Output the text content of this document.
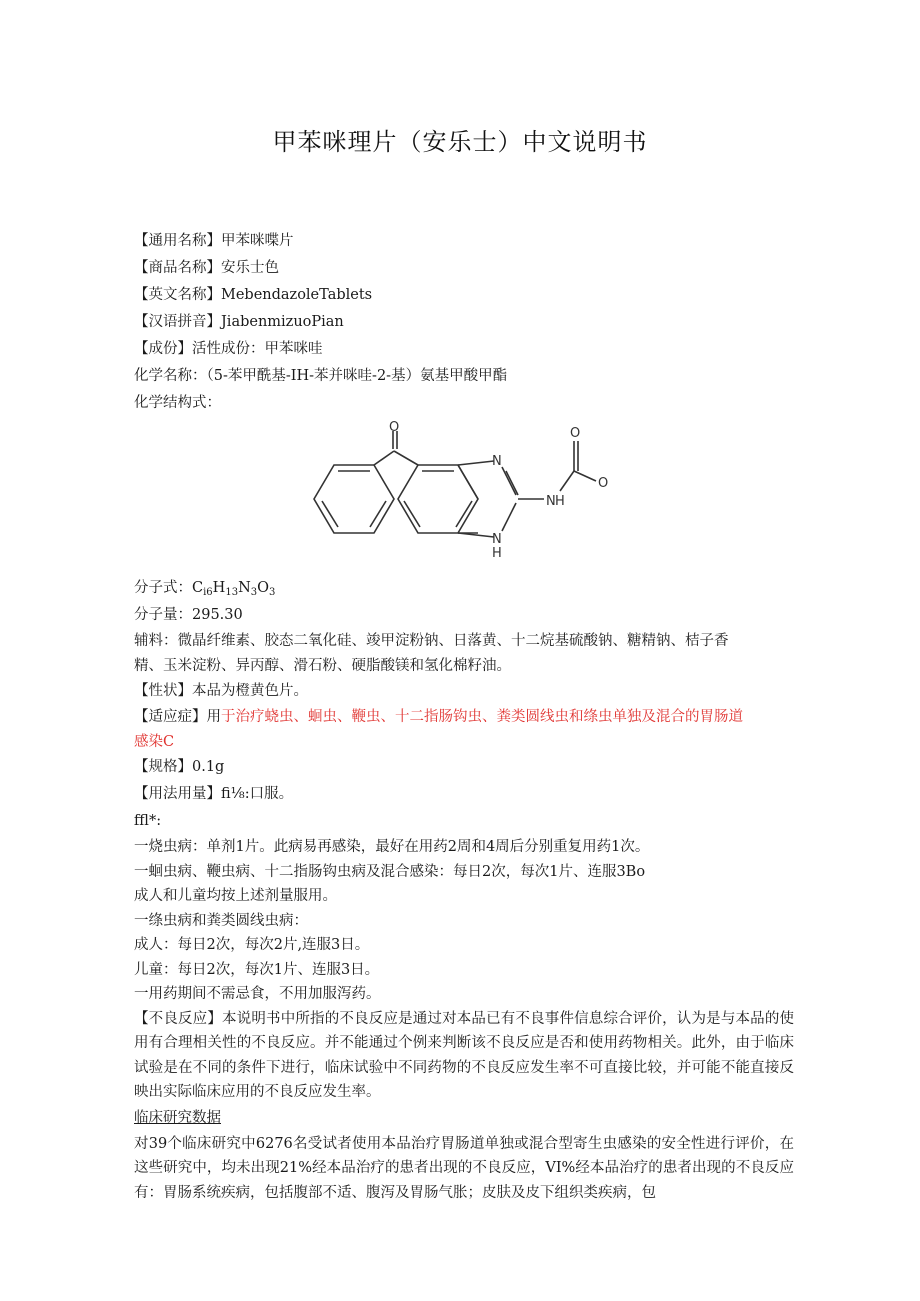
甲苯咪理片（安乐士）中文说明书

【通用名称】甲苯咪喋片

【商品名称】安乐士色

【英文名称】MebendazoleTablets

【汉语拼音】JiabenmizuoPian

【成份】活性成份：甲苯咪哇

化学名称：（5-苯甲酰基-IH-苯并咪哇-2-基）氨基甲酸甲酯

化学结构式：

O
N
N
H
N H
O
O

分子式：$C_{i6}H_{13}N_3O_3$

分子量：295.30

辅料：微晶纤维素、胶态二氧化硅、竣甲淀粉钠、日落黄、十二烷基硫酸钠、糖精钠、桔子香

精、玉米淀粉、异丙醇、滑石粉、硬脂酸镁和氢化棉籽油。

【性状】本品为橙黄色片。

【适应症】用于治疗蛲虫、蛔虫、鞭虫、十二指肠钩虫、粪类圆线虫和绦虫单独及混合的胃肠道
感染C

【规格】0.1g

【用法用量】fi⅛:口服。

ffl*:

一烧虫病：单剂1片。此病易再感染，最好在用药2周和4周后分别重复用药1次。

一蛔虫病、鞭虫病、十二指肠钩虫病及混合感染：每日2次，每次1片、连服3Bo

成人和儿童均按上述剂量服用。

一绦虫病和粪类圆线虫病：

成人：每日2次，每次2片,连服3日。

儿童：每日2次，每次1片、连服3日。

一用药期间不需忌食，不用加服泻药。

【不良反应】本说明书中所指的不良反应是通过对本品已有不良事件信息综合评价，认为是与本品的使用有合理相关性的不良反应。并不能通过个例来判断该不良反应是否和使用药物相关。此外，由于临床试验是在不同的条件下进行，临床试验中不同药物的不良反应发生率不可直接比较，并可能不能直接反映出实际临床应用的不良反应发生率。

临床研究数据

对39个临床研究中6276名受试者使用本品治疗胃肠道单独或混合型寄生虫感染的安全性进行评价，在这些研究中，均未出现21%经本品治疗的患者出现的不良反应，VI%经本品治疗的患者出现的不良反应有：胃肠系统疾病，包括腹部不适、腹泻及胃肠气胀；皮肤及皮下组织类疾病，包
